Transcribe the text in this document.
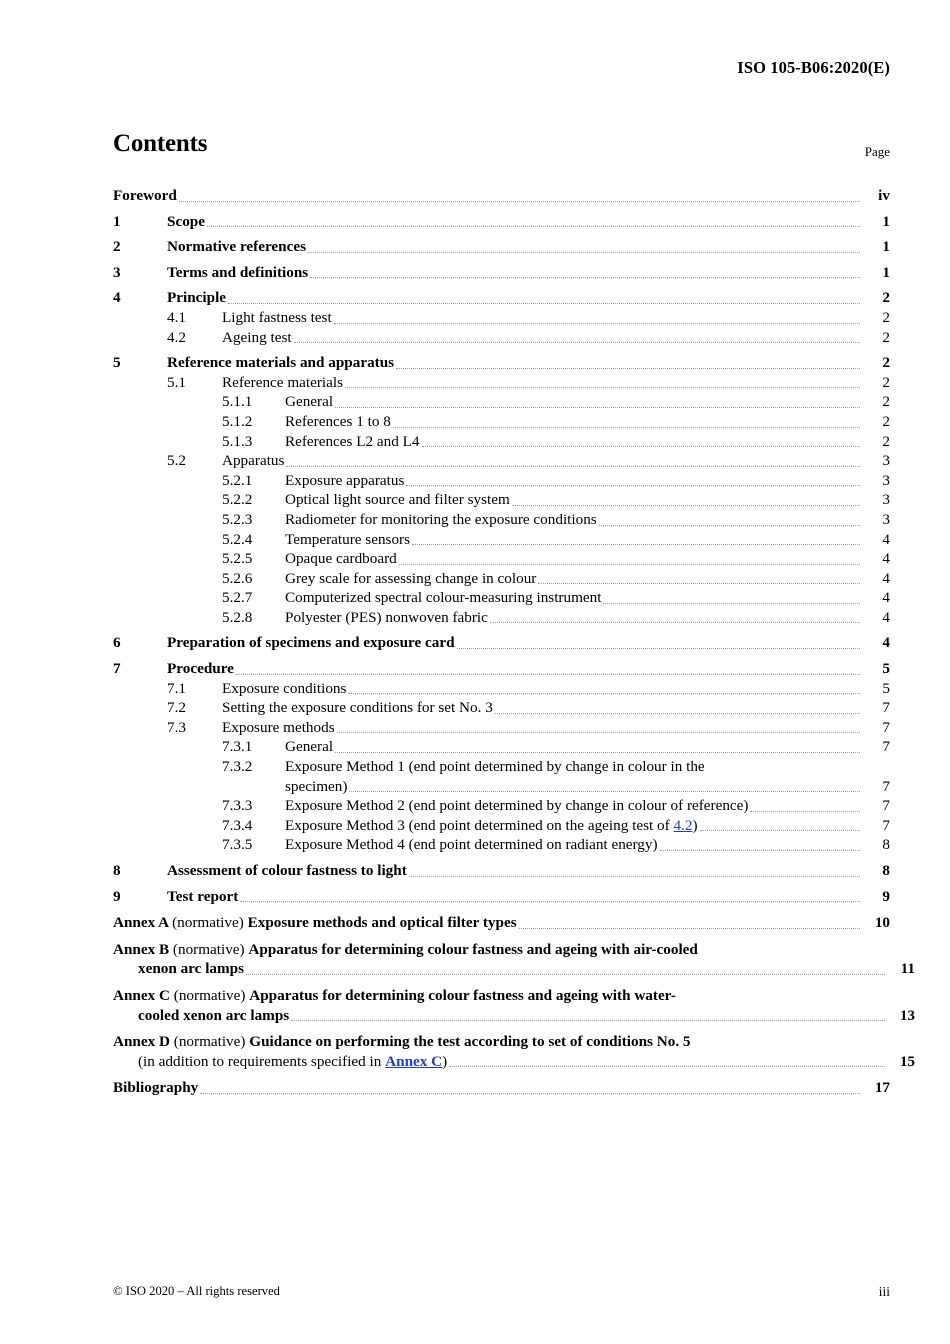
ISO 105-B06:2020(E)
Contents	Page
Foreword	iv
1	Scope	1
2	Normative references	1
3	Terms and definitions	1
4	Principle	2
4.1	Light fastness test	2
4.2	Ageing test	2
5	Reference materials and apparatus	2
5.1	Reference materials	2
5.1.1	General	2
5.1.2	References 1 to 8	2
5.1.3	References L2 and L4	2
5.2	Apparatus	3
5.2.1	Exposure apparatus	3
5.2.2	Optical light source and filter system	3
5.2.3	Radiometer for monitoring the exposure conditions	3
5.2.4	Temperature sensors	4
5.2.5	Opaque cardboard	4
5.2.6	Grey scale for assessing change in colour	4
5.2.7	Computerized spectral colour-measuring instrument	4
5.2.8	Polyester (PES) nonwoven fabric	4
6	Preparation of specimens and exposure card	4
7	Procedure	5
7.1	Exposure conditions	5
7.2	Setting the exposure conditions for set No. 3	7
7.3	Exposure methods	7
7.3.1	General	7
7.3.2	Exposure Method 1 (end point determined by change in colour in the
specimen)	7
7.3.3	Exposure Method 2 (end point determined by change in colour of reference)	7
7.3.4	Exposure Method 3 (end point determined on the ageing test of 4.2)	7
7.3.5	Exposure Method 4 (end point determined on radiant energy)	8
8	Assessment of colour fastness to light	8
9	Test report	9
Annex A (normative) Exposure methods and optical filter types	10
Annex B (normative) Apparatus for determining colour fastness and ageing with air-cooled
xenon arc lamps	11
Annex C (normative) Apparatus for determining colour fastness and ageing with water-
cooled xenon arc lamps	13
Annex D (normative) Guidance on performing the test according to set of conditions No. 5
(in addition to requirements specified in Annex C)	15
Bibliography	17
© ISO 2020 – All rights reserved	iii
